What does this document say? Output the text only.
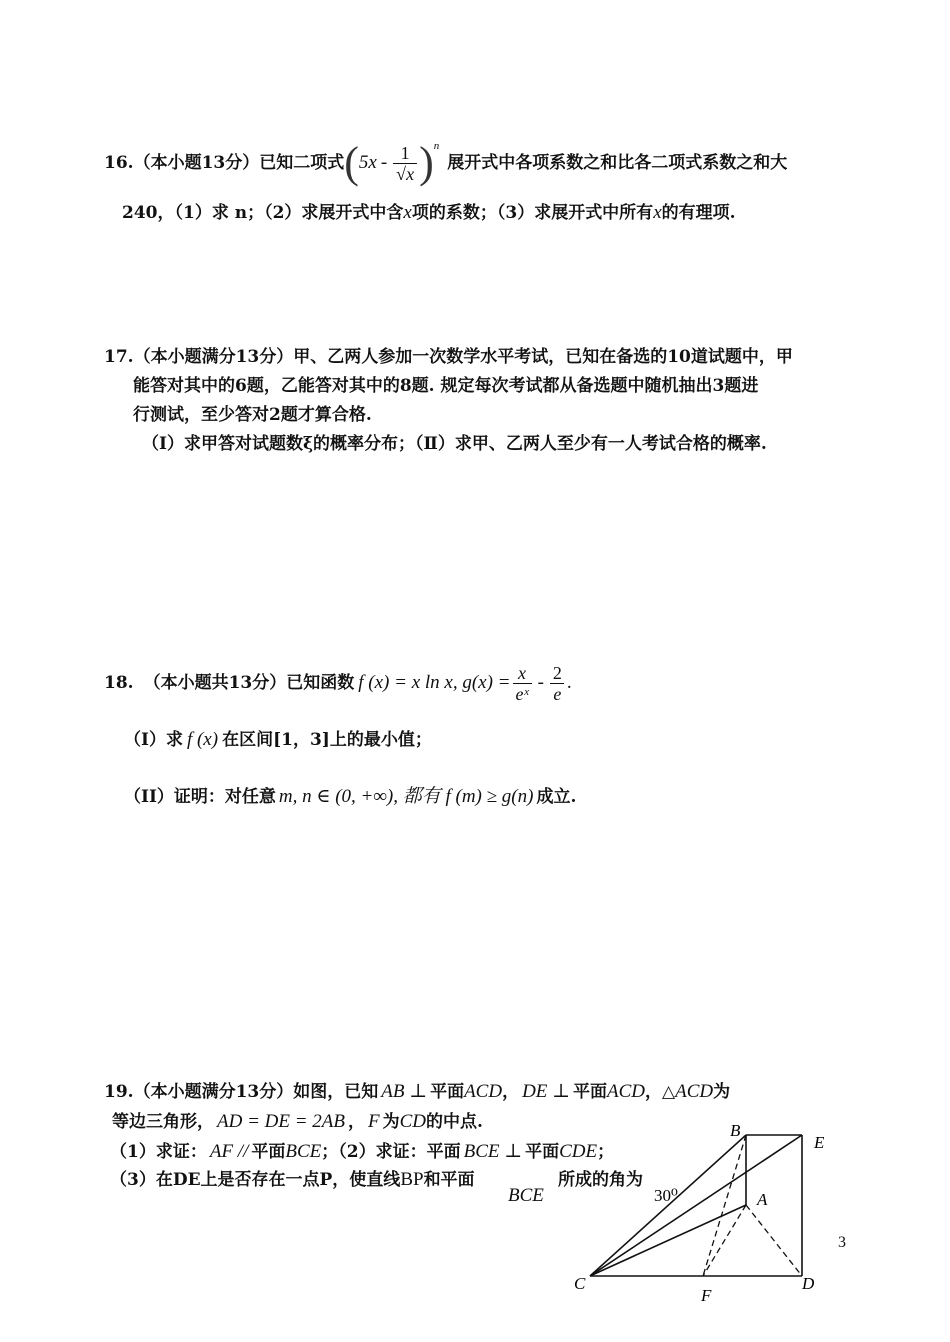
16. （本小题13分） 已知二项式 ( $5x - \frac{1}{√x}$ ) n
展开式中各项系数之和比各二项式系数之和大
240，（1）求 n；（2）求展开式中含x项的系数；（3）求展开式中所有x的有理项.
17.（本小题满分13分）甲、乙两人参加一次数学水平考试，已知在备选的10道试题中，甲
能答对其中的6题，乙能答对其中的8题. 规定每次考试都从备选题中随机抽出3题进
行测试，至少答对2题才算合格.
（Ⅰ）求甲答对试题数ξ的概率分布；（Ⅱ）求甲、乙两人至少有一人考试合格的概率.
18. （本小题共13分）已知函数 f (x) = x ln x, $g(x) = \frac{x}{\text{eˣ}} - \frac{2}{e}$ .
（I）求 f (x) 在区间[1，3]上的最小值；
（II）证明：对任意 m, n ∈ (0, +∞), 都有 f (m) ≥ g(n) 成立.
19.（本小题满分13分）如图，已知 AB ⊥ 平面ACD， DE ⊥ 平面ACD，△ACD为
等边三角形， AD = DE = 2AB ， F 为CD的中点.
（1）求证： AF // 平面BCE；（2）求证：平面 BCE ⊥ 平面CDE；
（3）在DE上是否存在一点P，使直线BP和平面
BCE
所成的角为
B
E
A
C	D
F
30⁰
3
